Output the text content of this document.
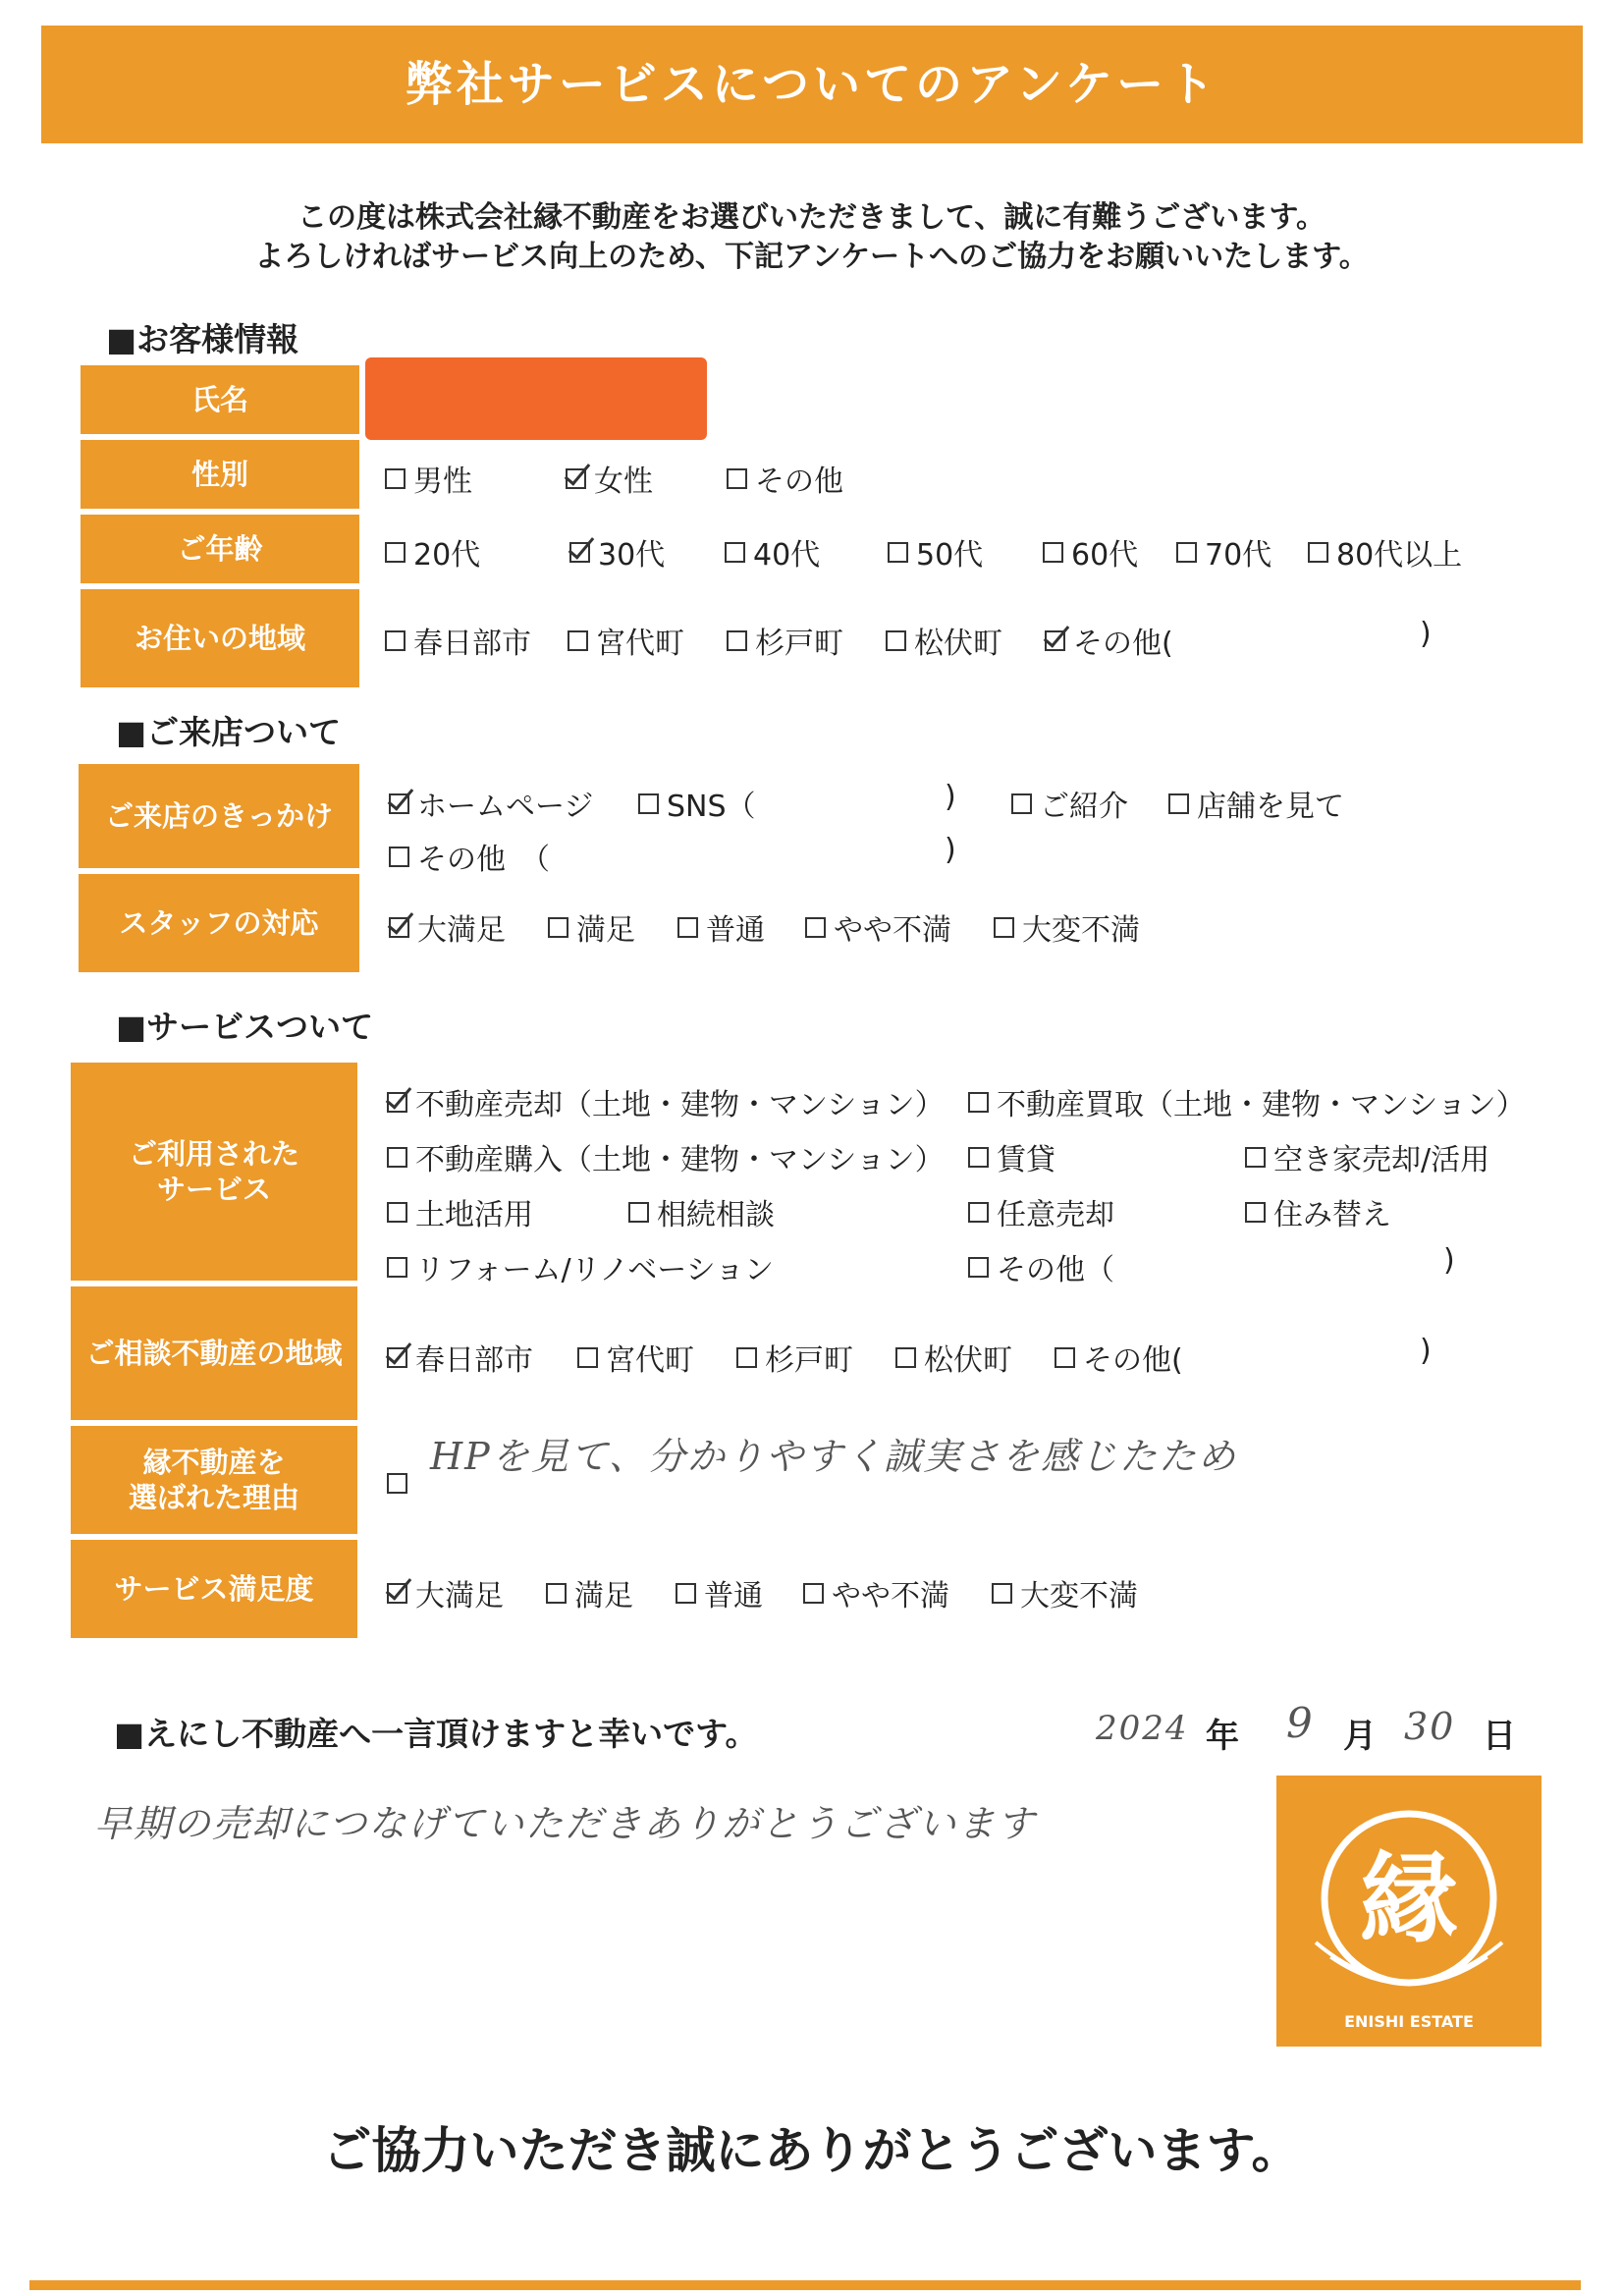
弊社サービスについてのアンケート
この度は株式会社縁不動産をお選びいただきまして、誠に有難うございます。
よろしければサービス向上のため、下記アンケートへのご協力をお願いいたします。
■お客様情報
氏名
性別	男性	女性	その他
ご年齢	20代	30代	40代	50代	60代 70代 80代以上
お住いの地域	春日部市 宮代町 杉戸町 松伏町 その他(	)
■ご来店ついて
ご来店のきっかけ	ホームページ SNS（	)	ご紹介 店舗を見て
その他　（	)
スタッフの対応	大満足 満足 普通 やや不満 大変不満
■サービスついて
ご利用された
サービス
不動産売却（土地・建物・マンション） 不動産買取（土地・建物・マンション）
不動産購入（土地・建物・マンション） 賃貸	空き家売却/活用
土地活用	相続相談	任意売却	住み替え
リフォーム/リノベーション	その他（	)
ご相談不動産の地域	春日部市 宮代町 杉戸町 松伏町 その他(	)
縁不動産を
選ばれた理由
HPを見て、分かりやすく誠実さを感じたため
サービス満足度	大満足 満足 普通 やや不満 大変不満
■えにし不動産へ一言頂けますと幸いです。	2024 年 9 月 30 日
早期の売却につなげていただきありがとうございます
縁
ENISHI ESTATE
ご協力いただき誠にありがとうございます。
